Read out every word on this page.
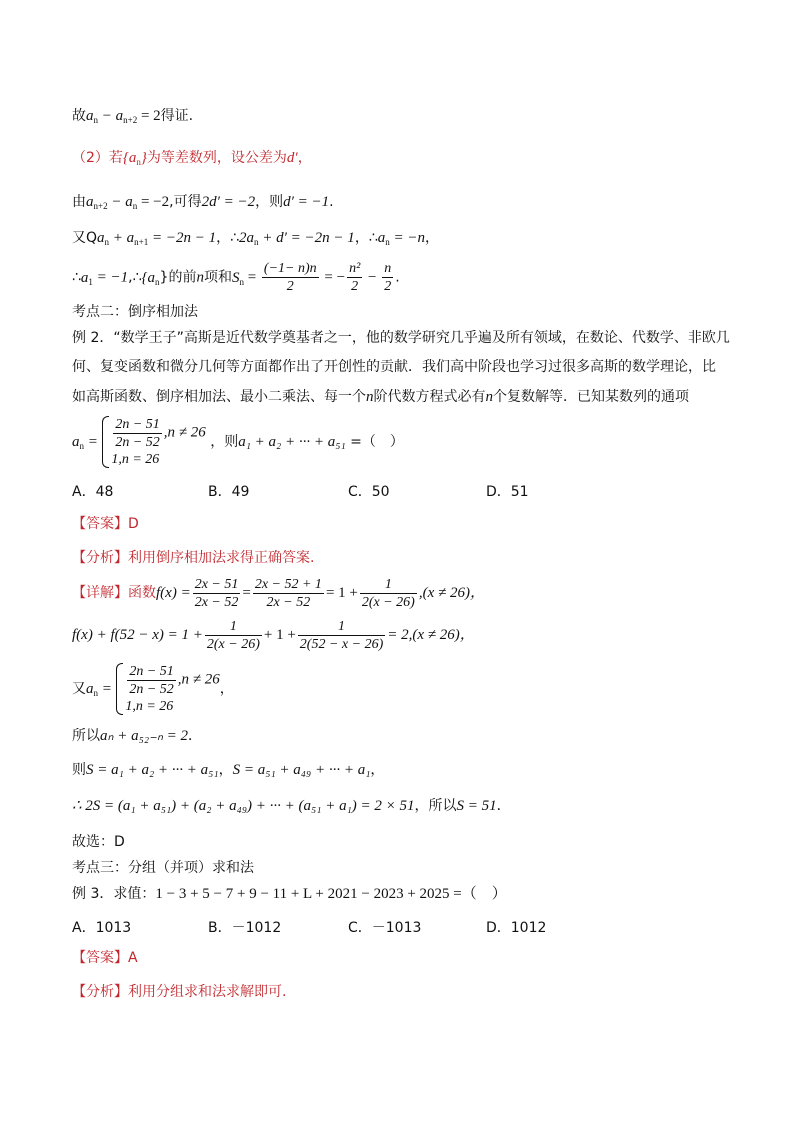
故$a_n - a_{n+2} = 2$得证.
（2）若$\{a_n\}$为等差数列，设公差为d′，
由$a_{n+2} - a_n = -2$,可得2d′ = −2，则d′ = −1.
又$Qa_n + a_{n+1} = -2n - 1$，$\therefore 2a_n + d' = -2n - 1$，$\therefore a_n = -n$，
$\therefore a_1$ = $-1,\therefore\{a_n\}$的前n项和$S_n = \frac{(-1- n)n}{2}$ = − $\frac{\text{n²}}{2} - \frac{n}{2}$ .
考点二：倒序相加法
例 2．“数学王子”高斯是近代数学奠基者之一，他的数学研究几乎遍及所有领域，在数论、代数学、非欧几
何、复变函数和微分几何等方面都作出了开创性的贡献．我们高中阶段也学习过很多高斯的数学理论，比
如高斯函数、倒序相加法、最小二乘法、每一个n阶代数方程式必有n个复数解等．已知某数列的通项
$a_n = \frac{2n - 51}{2n - 52} ,n \ne 26$
1,n = 26
，则a₁ + a₂ + ··· + a₅₁ =（　）
A．48	B．49	C．50	D．51
【答案】D
【分析】利用倒序相加法求得正确答案.
【详解】函数$f(x) = \frac{2x - 51}{2x - 52} = \frac{2x - 52 + 1}{2x - 52} = 1 + \frac{1}{2(x - 26)} ,(x \ne 26)$，
$f(x) + f(52 - x) = 1 + \frac{1}{2(x - 26)} + 1 + \frac{1}{2(52 - x - 26)} = 2,(x \ne 26)$，
又$a_n = \frac{2n - 51}{2n - 52} ,n \ne 26$
1,n = 26
，
所以aₙ + a₅₂₋ₙ = 2．
则S = a₁ + a₂ + ··· + a₅₁，S = a₅₁ + a₄₉ + ··· + a₁，
∴ 2S = (a₁ + a₅₁) + (a₂ + a₄₉) + ··· + (a₅₁ + a₁) = 2 × 51，所以S = 51．
故选：D
考点三：分组（并项）求和法
例 3．求值：1 − 3 + 5 − 7 + 9 − 11 + L + 2021 − 2023 + 2025 =（　）
A．1013	B．－1012	C．－1013	D．1012
【答案】A
【分析】利用分组求和法求解即可.
